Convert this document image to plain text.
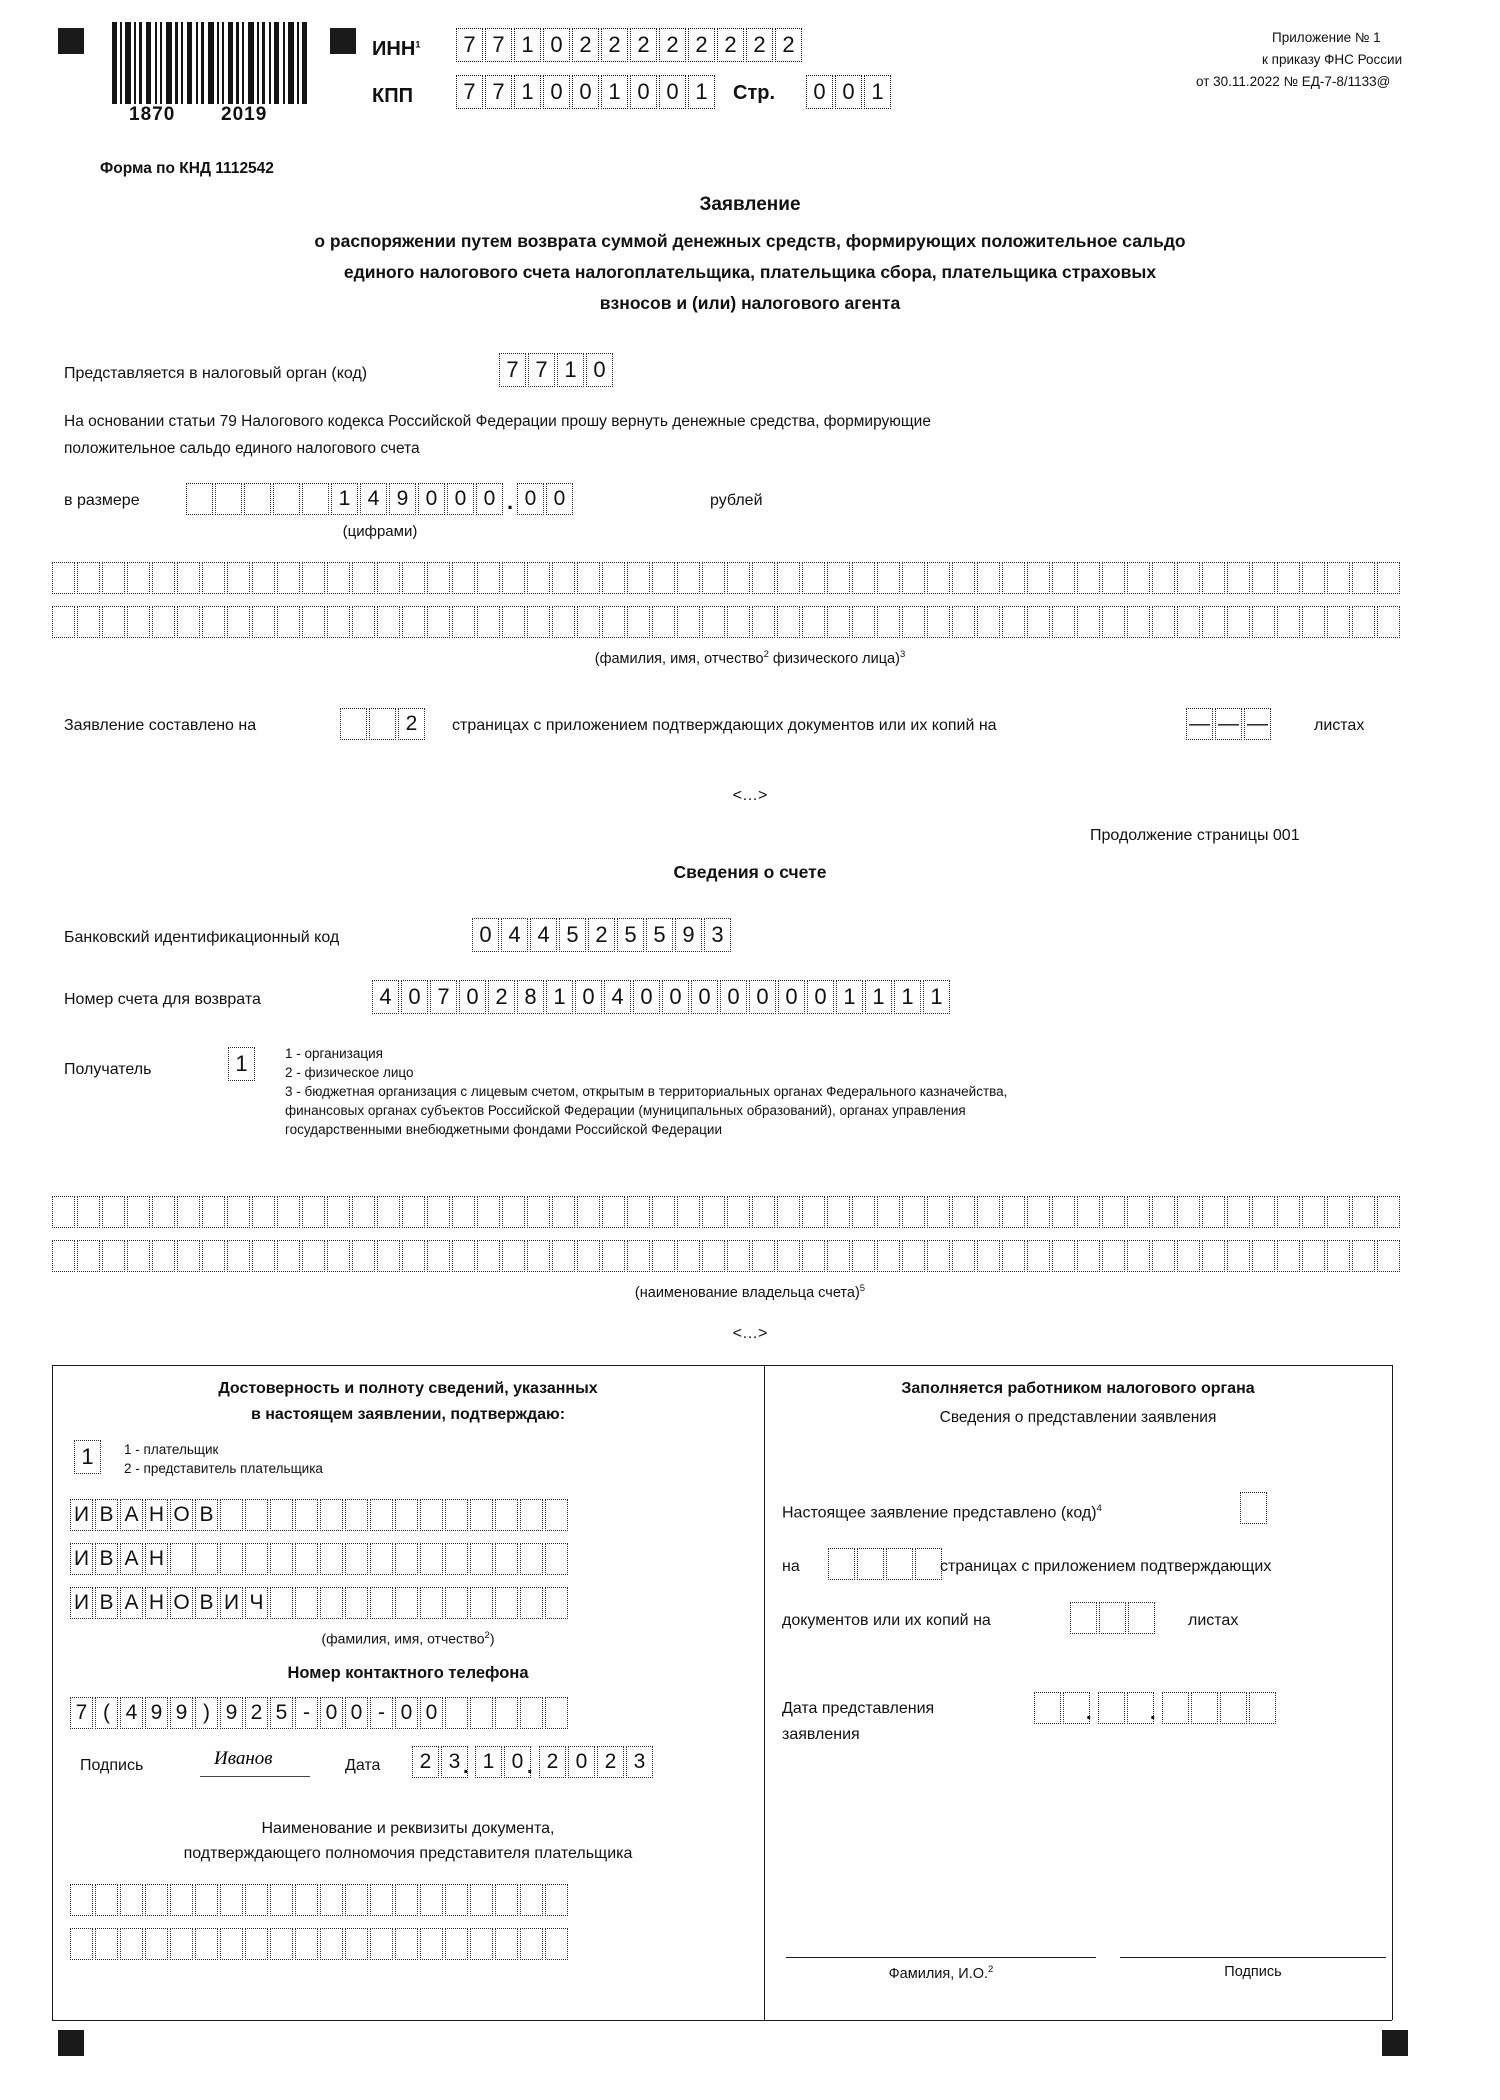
1870 2019
Форма по КНД 1112542
Приложение № 1
к приказу ФНС России
от 30.11.2022 № ЕД-7-8/1133@
ИНН$^1$	7 7 1 0 2 2 2 2 2 2 2 2
КПП	7 7 1 0 0 1 0 0 1	Стр.	0 0 1
Заявление
о распоряжении путем возврата суммой денежных средств, формирующих положительное сальдо
единого налогового счета налогоплательщика, плательщика сбора, плательщика страховых
взносов и (или) налогового агента
Представляется в налоговый орган (код)	7 7 1 0
На основании статьи 79 Налогового кодекса Российской Федерации прошу вернуть денежные средства, формирующие
положительное сальдо единого налогового счета
в размере	1 4 9 0 0 0 . 0 0	рублей
(цифрами)
(фамилия, имя, отчество$^2$ физического лица)$^3$
Заявление составлено на	2	страницах с приложением подтверждающих документов или их копий на	— — —	листах
<…>
Продолжение страницы 001
Сведения о счете
Банковский идентификационный код	0 4 4 5 2 5 5 9 3
Номер счета для возврата	4 0 7 0 2 8 1 0 4 0 0 0 0 0 0 0 1 1 1 1
Получатель	1	1 - организация
2 - физическое лицо
3 - бюджетная организация с лицевым счетом, открытым в территориальных органах Федерального казначейства,
финансовых органах субъектов Российской Федерации (муниципальных образований), органах управления
государственными внебюджетными фондами Российской Федерации
(наименование владельца счета)$^5$
<…>
Достоверность и полноту сведений, указанных
в настоящем заявлении, подтверждаю:
1	1 - плательщик
2 - представитель плательщика
И В А Н О В
И В А Н
И В А Н О В И Ч
(фамилия, имя, отчество$^2$)
Номер контактного телефона
7 ( 4 9 9 ) 9 2 5 - 0 0 - 0 0
Подпись	Иванов	Дата	2 3 . 1 0 . 2 0 2 3
Наименование и реквизиты документа,
подтверждающего полномочия представителя плательщика
Заполняется работником налогового органа
Сведения о представлении заявления
Настоящее заявление представлено (код)$^4$
на	страницах с приложением подтверждающих
документов или их копий на	листах
Дата представления
заявления
.	.
Фамилия, И.О.$^2$	Подпись
